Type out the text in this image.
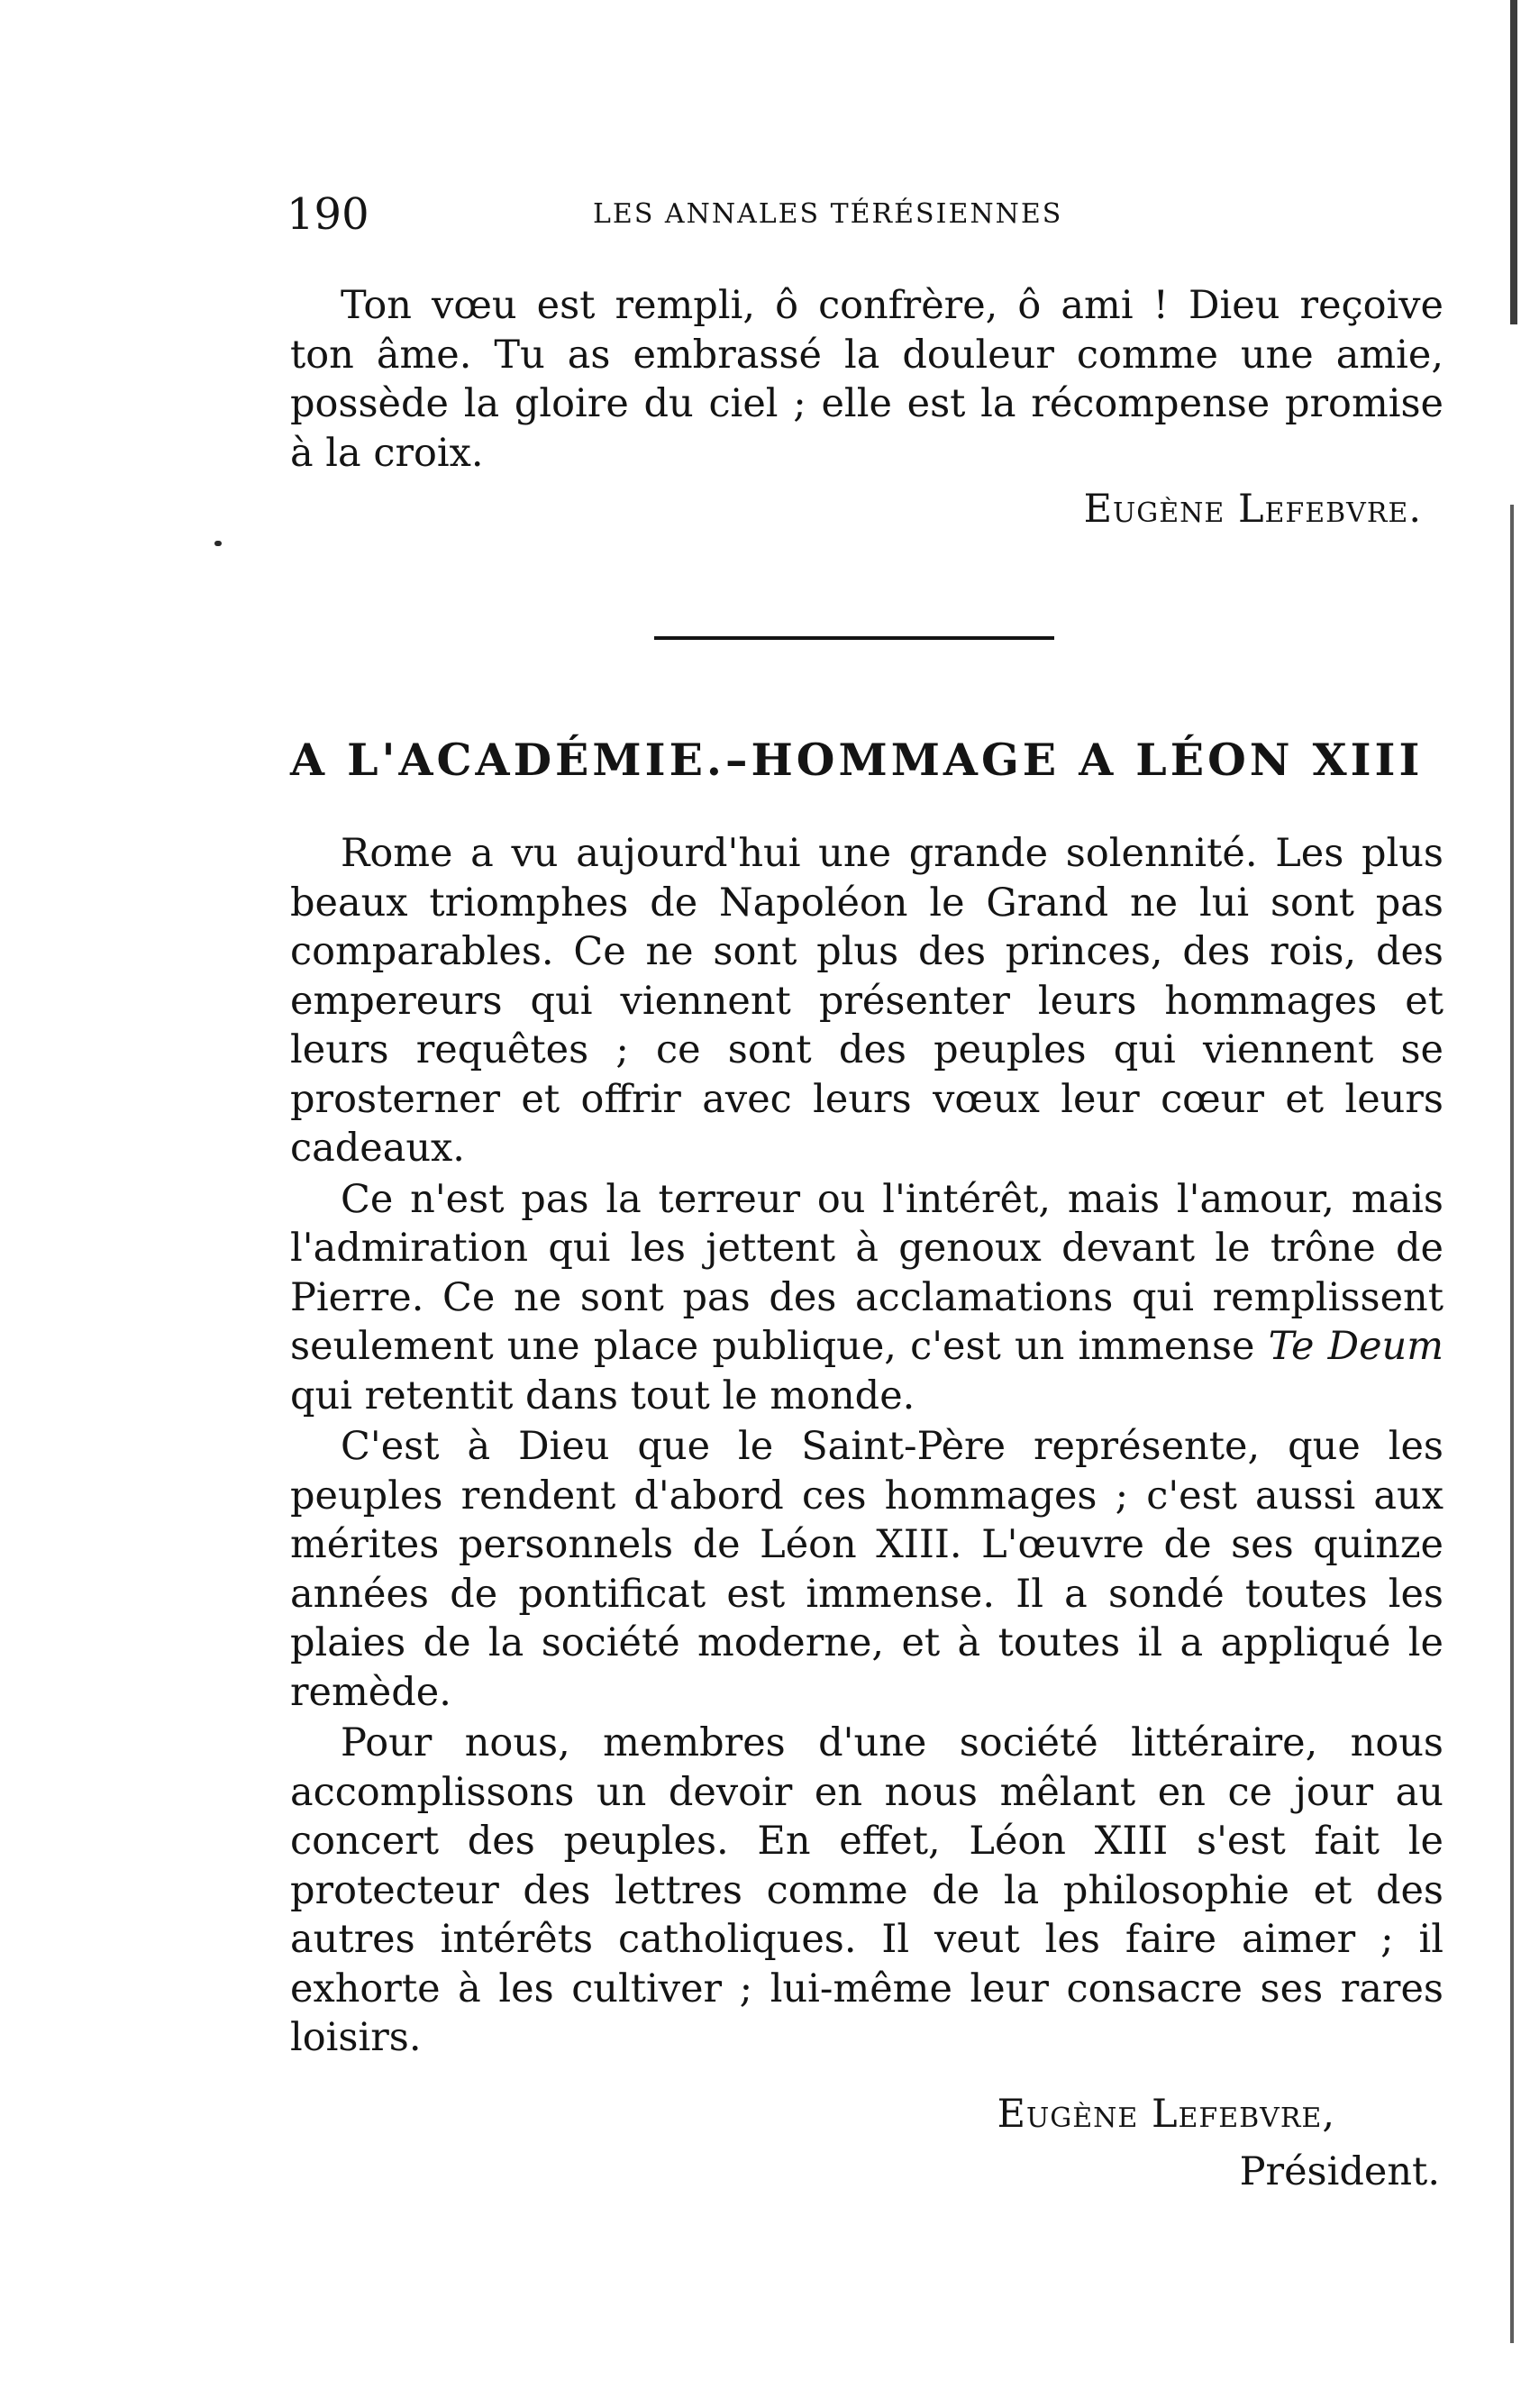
190	LES ANNALES TÉRÉSIENNES

Ton vœu est rempli, ô confrère, ô ami ! Dieu reçoive ton âme. Tu as embrassé la douleur comme une amie, possède la gloire du ciel ; elle est la récompense promise à la croix.

Eugène Lefebvre.
A L'ACADÉMIE.–HOMMAGE A LÉON XIII

Rome a vu aujourd'hui une grande solennité. Les plus beaux triomphes de Napoléon le Grand ne lui sont pas comparables. Ce ne sont plus des princes, des rois, des empereurs qui viennent présenter leurs hommages et leurs requêtes ; ce sont des peuples qui viennent se prosterner et offrir avec leurs vœux leur cœur et leurs cadeaux.

Ce n'est pas la terreur ou l'intérêt, mais l'amour, mais l'admiration qui les jettent à genoux devant le trône de Pierre. Ce ne sont pas des acclamations qui remplissent seulement une place publique, c'est un immense Te Deum qui retentit dans tout le monde.

C'est à Dieu que le Saint-Père représente, que les peuples rendent d'abord ces hommages ; c'est aussi aux mérites personnels de Léon XIII. L'œuvre de ses quinze années de pontificat est immense. Il a sondé toutes les plaies de la société moderne, et à toutes il a appliqué le remède.

Pour nous, membres d'une société littéraire, nous accomplissons un devoir en nous mêlant en ce jour au concert des peuples. En effet, Léon XIII s'est fait le protecteur des lettres comme de la philosophie et des autres intérêts catholiques. Il veut les faire aimer ; il exhorte à les cultiver ; lui-même leur consacre ses rares loisirs.

Eugène Lefebvre,
Président.
